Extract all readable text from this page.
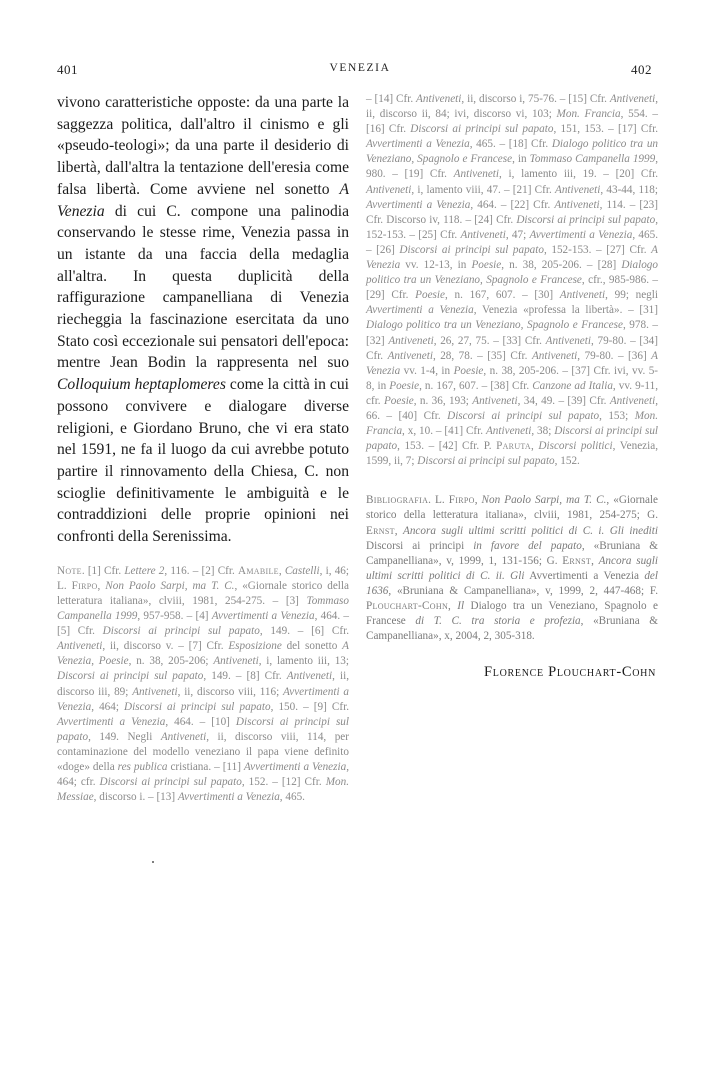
401	VENEZIA	402

vivono caratteristiche opposte: da una parte la saggezza politica, dall'altro il cinismo e gli «pseudo-teologi»; da una parte il desiderio di libertà, dall'altra la tentazione dell'eresia come falsa libertà. Come avviene nel sonetto A Venezia di cui C. compone una palinodia conservando le stesse rime, Venezia passa in un istante da una faccia della medaglia all'altra. In questa duplicità della raffigurazione campanelliana di Venezia riecheggia la fascinazione esercitata da uno Stato così eccezionale sui pensatori dell'epoca: mentre Jean Bodin la rappresenta nel suo Colloquium heptaplomeres come la città in cui possono convivere e dialogare diverse religioni, e Giordano Bruno, che vi era stato nel 1591, ne fa il luogo da cui avrebbe potuto partire il rinnovamento della Chiesa, C. non scioglie definitivamente le ambiguità e le contraddizioni delle proprie opinioni nei confronti della Serenissima.

Note. [1] Cfr. Lettere 2, 116. – [2] Cfr. Amabile, Castelli, i, 46; L. Firpo, Non Paolo Sarpi, ma T. C., «Giornale storico della letteratura italiana», clviii, 1981, 254-275. – [3] Tommaso Campanella 1999, 957-958. – [4] Avvertimenti a Venezia, 464. – [5] Cfr. Discorsi ai principi sul papato, 149. – [6] Cfr. Antiveneti, ii, discorso v. – [7] Cfr. Esposizione del sonetto A Venezia, Poesie, n. 38, 205-206; Antiveneti, i, lamento iii, 13; Discorsi ai principi sul papato, 149. – [8] Cfr. Antiveneti, ii, discorso iii, 89; Antiveneti, ii, discorso viii, 116; Avvertimenti a Venezia, 464; Discorsi ai principi sul papato, 150. – [9] Cfr. Avvertimenti a Venezia, 464. – [10] Discorsi ai principi sul papato, 149. Negli Antiveneti, ii, discorso viii, 114, per contaminazione del modello veneziano il papa viene definito «doge» della res publica cristiana. – [11] Avvertimenti a Venezia, 464; cfr. Discorsi ai principi sul papato, 152. – [12] Cfr. Mon. Messiae, discorso i. – [13] Avvertimenti a Venezia, 465.

– [14] Cfr. Antiveneti, ii, discorso i, 75-76. – [15] Cfr. Antiveneti, ii, discorso ii, 84; ivi, discorso vi, 103; Mon. Francia, 554. – [16] Cfr. Discorsi ai principi sul papato, 151, 153. – [17] Cfr. Avvertimenti a Venezia, 465. – [18] Cfr. Dialogo politico tra un Veneziano, Spagnolo e Francese, in Tommaso Campanella 1999, 980. – [19] Cfr. Antiveneti, i, lamento iii, 19. – [20] Cfr. Antiveneti, i, lamento viii, 47. – [21] Cfr. Antiveneti, 43-44, 118; Avvertimenti a Venezia, 464. – [22] Cfr. Antiveneti, 114. – [23] Cfr. Discorso iv, 118. – [24] Cfr. Discorsi ai principi sul papato, 152-153. – [25] Cfr. Antiveneti, 47; Avvertimenti a Venezia, 465. – [26] Discorsi ai principi sul papato, 152-153. – [27] Cfr. A Venezia vv. 12-13, in Poesie, n. 38, 205-206. – [28] Dialogo politico tra un Veneziano, Spagnolo e Francese, cfr., 985-986. – [29] Cfr. Poesie, n. 167, 607. – [30] Antiveneti, 99; negli Avvertimenti a Venezia, Venezia «professa la libertà». – [31] Dialogo politico tra un Veneziano, Spagnolo e Francese, 978. – [32] Antiveneti, 26, 27, 75. – [33] Cfr. Antiveneti, 79-80. – [34] Cfr. Antiveneti, 28, 78. – [35] Cfr. Antiveneti, 79-80. – [36] A Venezia vv. 1-4, in Poesie, n. 38, 205-206. – [37] Cfr. ivi, vv. 5-8, in Poesie, n. 167, 607. – [38] Cfr. Canzone ad Italia, vv. 9-11, cfr. Poesie, n. 36, 193; Antiveneti, 34, 49. – [39] Cfr. Antiveneti, 66. – [40] Cfr. Discorsi ai principi sul papato, 153; Mon. Francia, x, 10. – [41] Cfr. Antiveneti, 38; Discorsi ai principi sul papato, 153. – [42] Cfr. P. Paruta, Discorsi politici, Venezia, 1599, ii, 7; Discorsi ai principi sul papato, 152.

Bibliografia. L. Firpo, Non Paolo Sarpi, ma T. C., «Giornale storico della letteratura italiana», clviii, 1981, 254-275; G. Ernst, Ancora sugli ultimi scritti politici di C. i. Gli inediti Discorsi ai principi in favore del papato, «Bruniana & Campanelliana», v, 1999, 1, 131-156; G. Ernst, Ancora sugli ultimi scritti politici di C. ii. Gli Avvertimenti a Venezia del 1636, «Bruniana & Campanelliana», v, 1999, 2, 447-468; F. Plouchart-Cohn, Il Dialogo tra un Veneziano, Spagnolo e Francese di T. C. tra storia e profezia, «Bruniana & Campanelliana», x, 2004, 2, 305-318.

Florence Plouchart-Cohn
